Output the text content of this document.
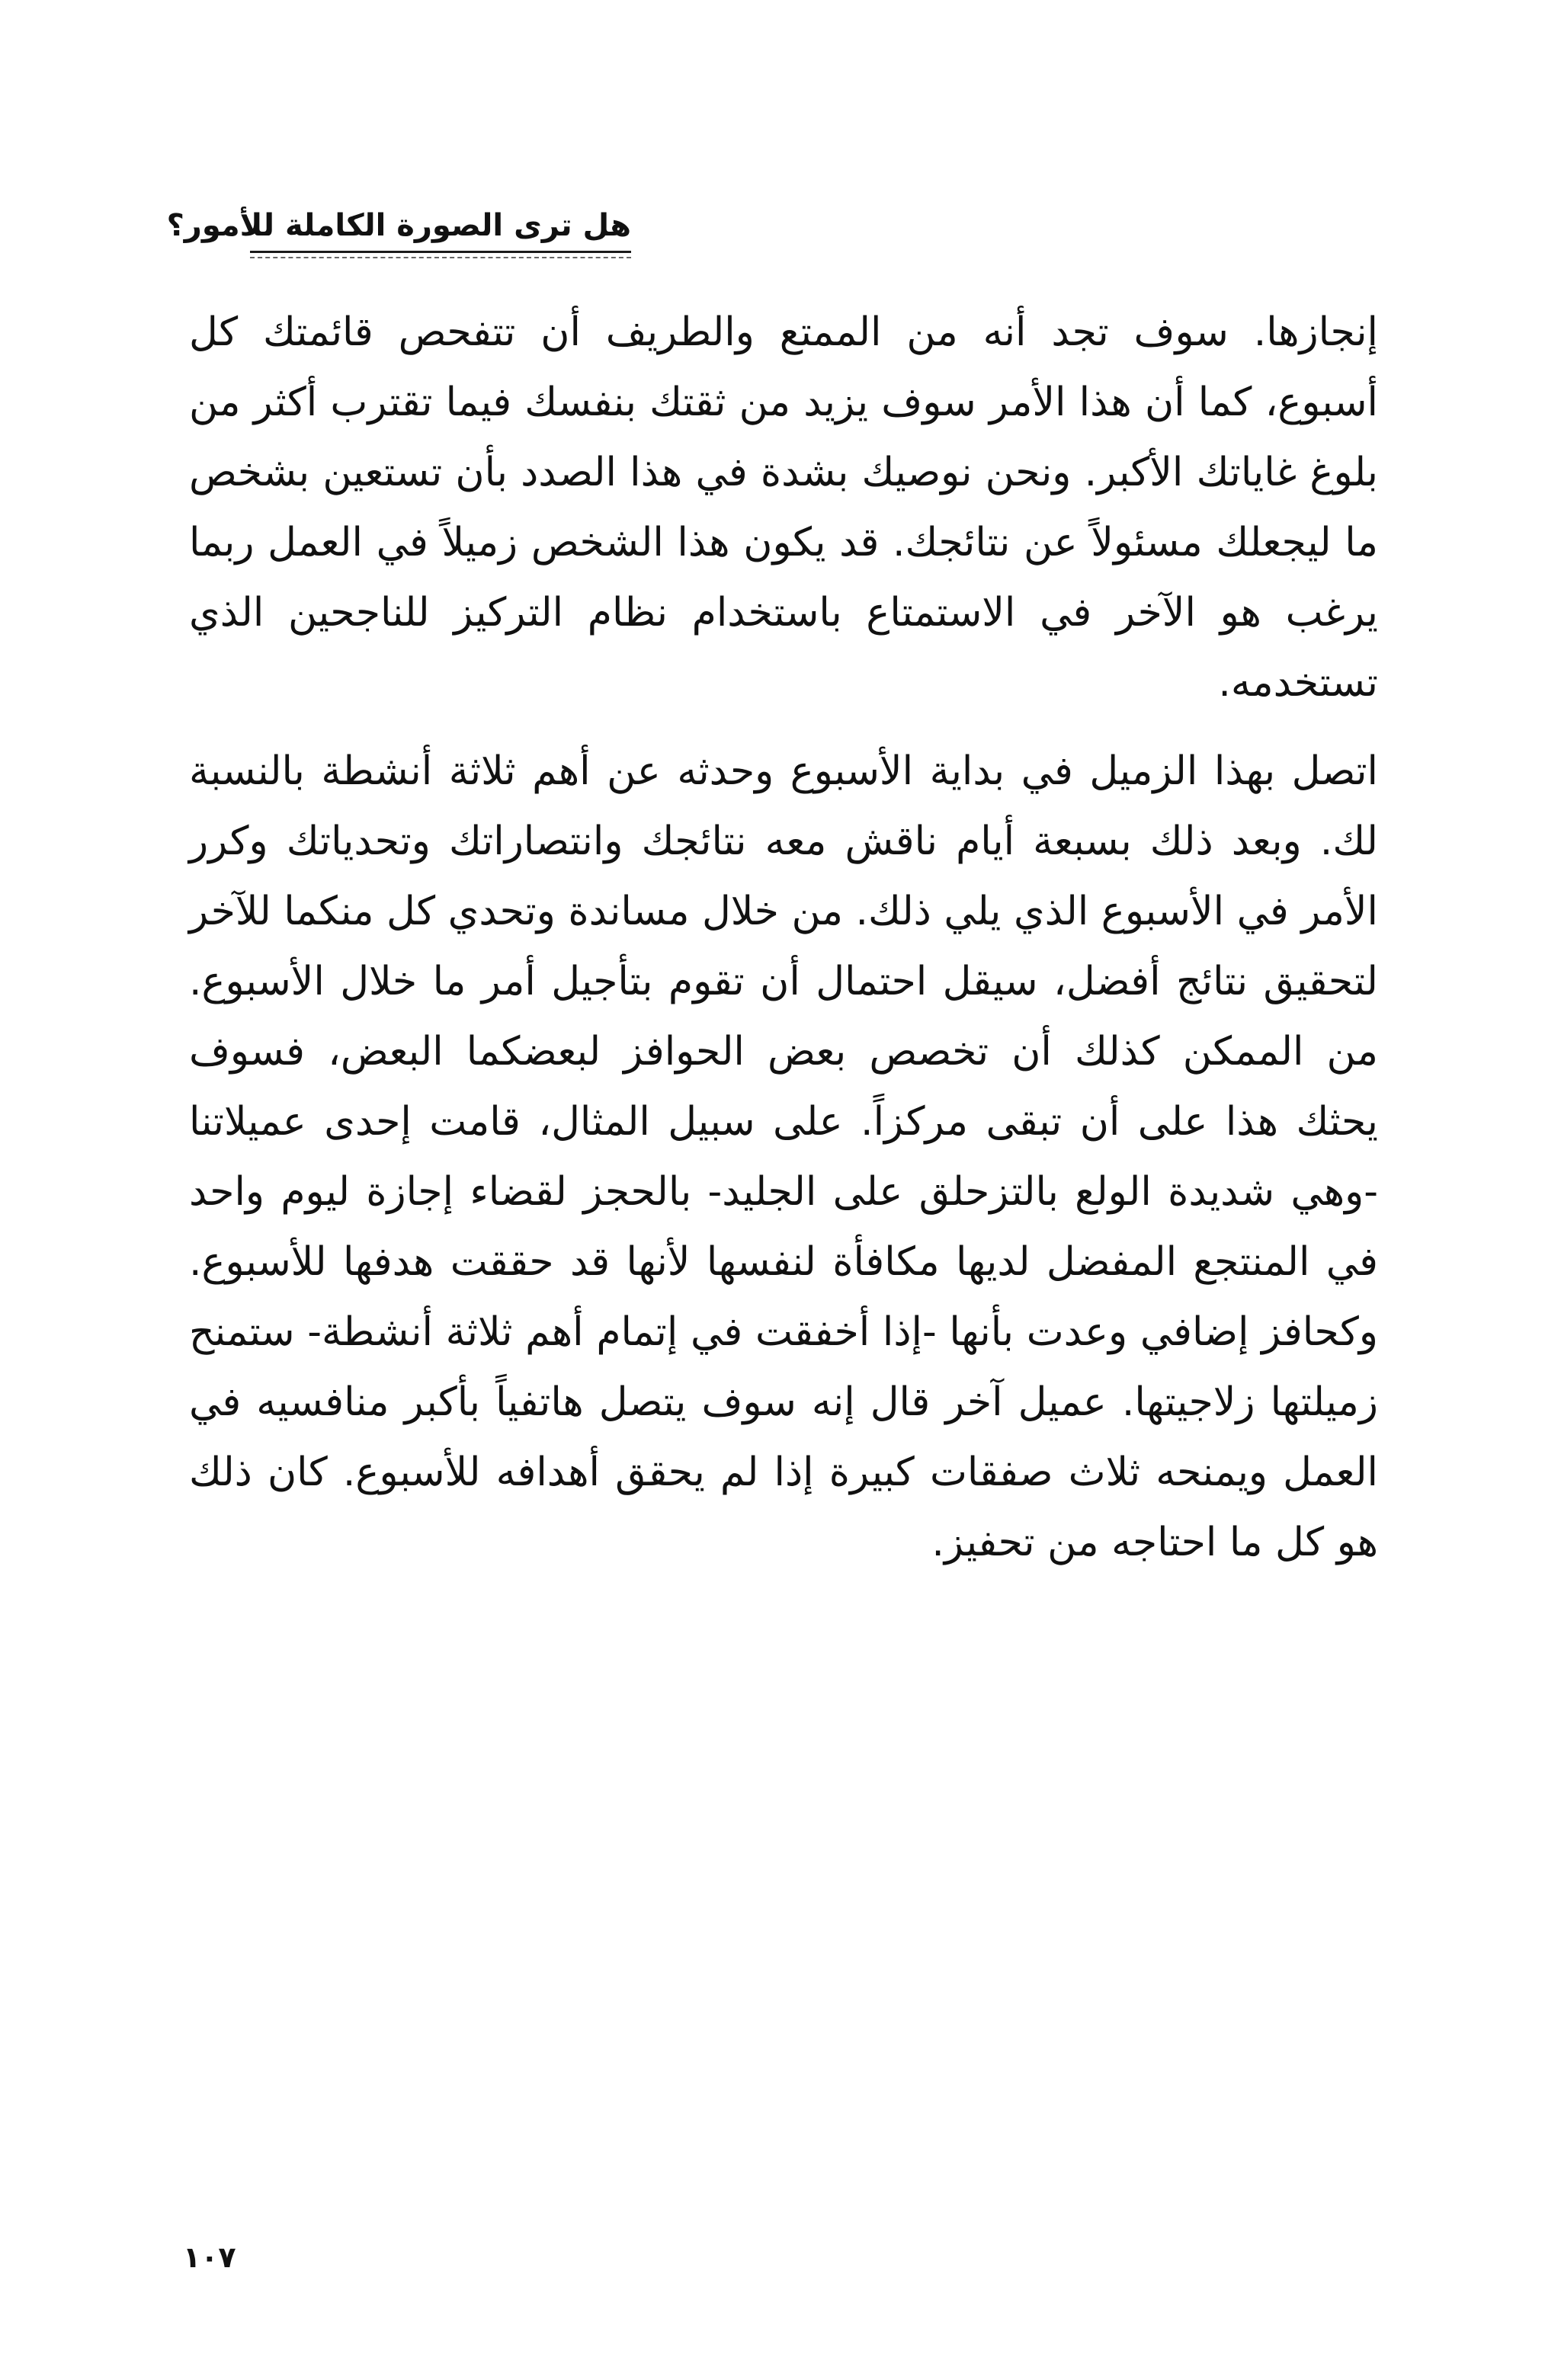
هل ترى الصورة الكاملة للأمور؟

إنجازها. سوف تجد أنه من الممتع والطريف أن تتفحص قائمتك كل أسبوع، كما أن هذا الأمر سوف يزيد من ثقتك بنفسك فيما تقترب أكثر من بلوغ غاياتك الأكبر. ونحن نوصيك بشدة في هذا الصدد بأن تستعين بشخص ما ليجعلك مسئولاً عن نتائجك. قد يكون هذا الشخص زميلاً في العمل ربما يرغب هو الآخر في الاستمتاع باستخدام نظام التركيز للناجحين الذي تستخدمه.

اتصل بهذا الزميل في بداية الأسبوع وحدثه عن أهم ثلاثة أنشطة بالنسبة لك. وبعد ذلك بسبعة أيام ناقش معه نتائجك وانتصاراتك وتحدياتك وكرر الأمر في الأسبوع الذي يلي ذلك. من خلال مساندة وتحدي كل منكما للآخر لتحقيق نتائج أفضل، سيقل احتمال أن تقوم بتأجيل أمر ما خلال الأسبوع. من الممكن كذلك أن تخصص بعض الحوافز لبعضكما البعض، فسوف يحثك هذا على أن تبقى مركزاً. على سبيل المثال، قامت إحدى عميلاتنا -وهي شديدة الولع بالتزحلق على الجليد- بالحجز لقضاء إجازة ليوم واحد في المنتجع المفضل لديها مكافأة لنفسها لأنها قد حققت هدفها للأسبوع. وكحافز إضافي وعدت بأنها -إذا أخفقت في إتمام أهم ثلاثة أنشطة- ستمنح زميلتها زلاجيتها. عميل آخر قال إنه سوف يتصل هاتفياً بأكبر منافسيه في العمل ويمنحه ثلاث صفقات كبيرة إذا لم يحقق أهدافه للأسبوع. كان ذلك هو كل ما احتاجه من تحفيز.

١٠٧
